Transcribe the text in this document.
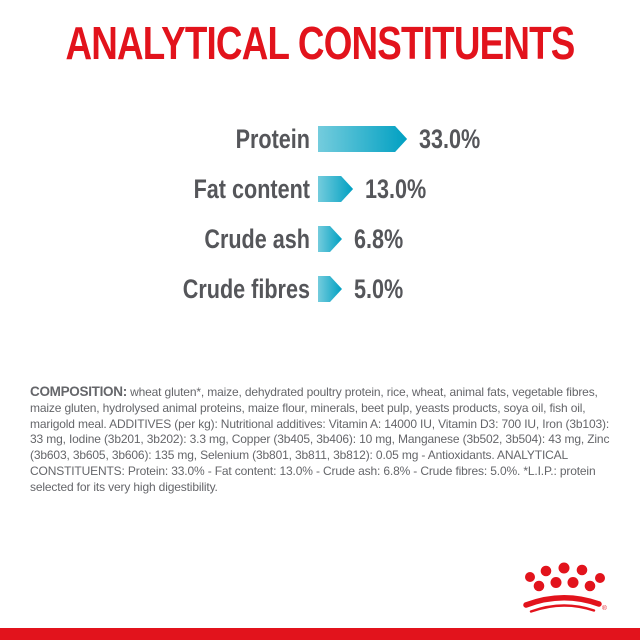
ANALYTICAL CONSTITUENTS
Protein	33.0%
Fat content 13.0%
Crude ash 6.8%
Crude fibres 5.0%

COMPOSITION: wheat gluten*, maize, dehydrated poultry protein, rice, wheat, animal fats, vegetable fibres, maize gluten, hydrolysed animal proteins, maize flour, minerals, beet pulp, yeasts products, soya oil, fish oil, marigold meal. ADDITIVES (per kg): Nutritional additives: Vitamin A: 14000 IU, Vitamin D3: 700 IU, Iron (3b103): 33 mg, Iodine (3b201, 3b202): 3.3 mg, Copper (3b405, 3b406): 10 mg, Manganese (3b502, 3b504): 43 mg, Zinc (3b603, 3b605, 3b606): 135 mg, Selenium (3b801, 3b811, 3b812): 0.05 mg - Antioxidants. ANALYTICAL CONSTITUENTS: Protein: 33.0% - Fat content: 13.0% - Crude ash: 6.8% - Crude fibres: 5.0%. *L.I.P.: protein selected for its very high digestibility.

®
